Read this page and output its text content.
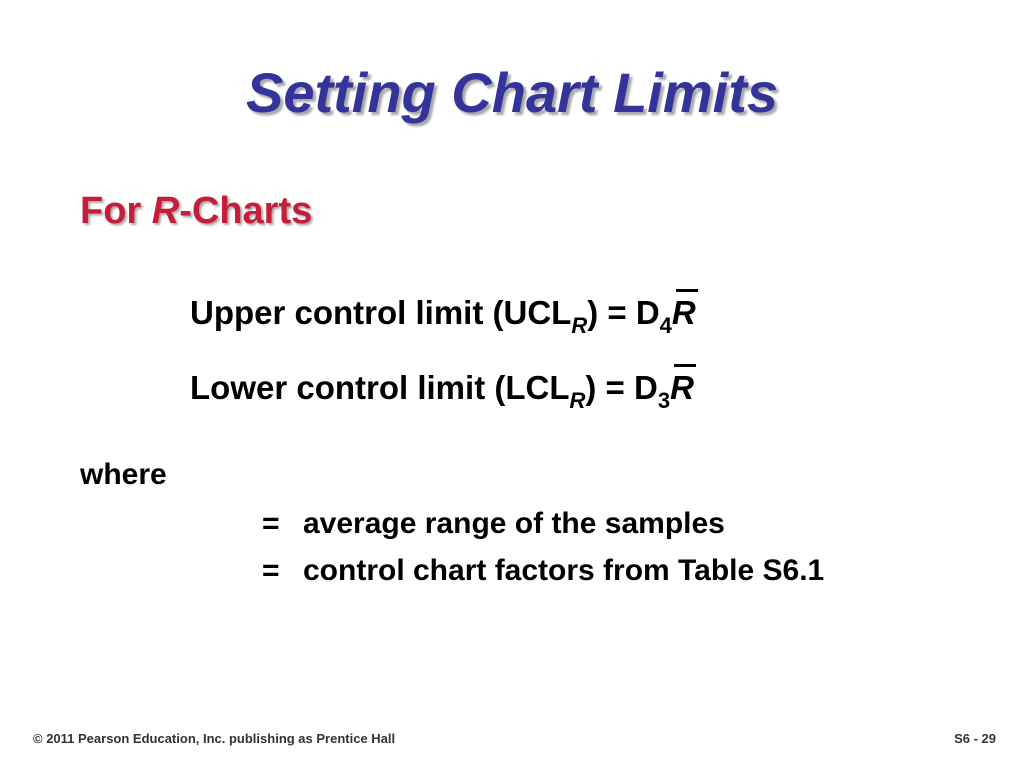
Setting Chart Limits
For R-Charts
Upper control limit $(UCL_R) = D_4R$
Lower control limit $(LCL_R) = D_3R$
where
= average range of the samples
= control chart factors from Table S6.1
© 2011 Pearson Education, Inc. publishing as Prentice Hall	S6 - 29
